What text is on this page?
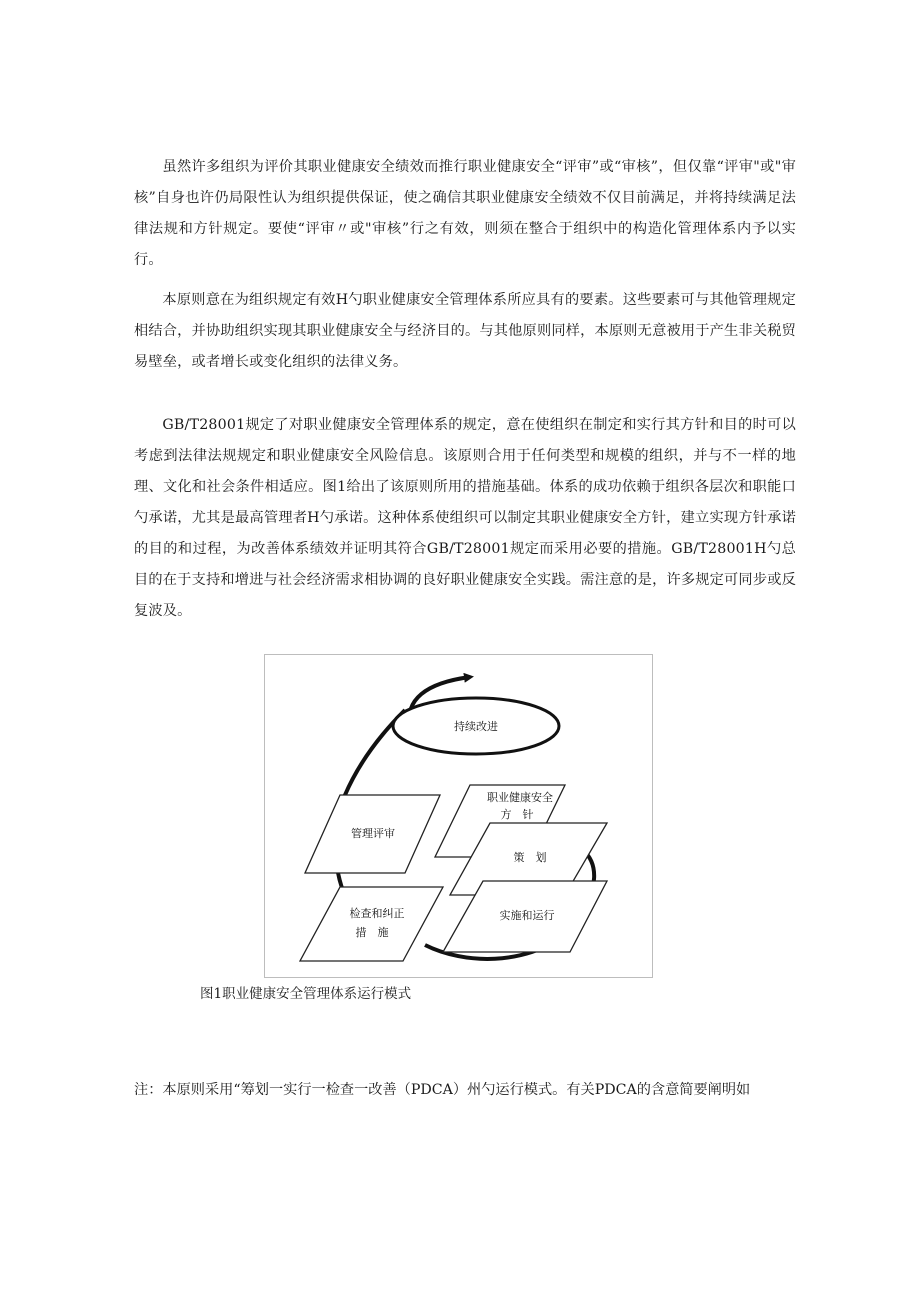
虽然许多组织为评价其职业健康安全绩效而推行职业健康安全“评审”或“审核”，但仅靠“评审"或"审核”自身也许仍局限性认为组织提供保证，使之确信其职业健康安全绩效不仅目前满足，并将持续满足法律法规和方针规定。要使“评审〃或"审核”行之有效，则须在整合于组织中的构造化管理体系内予以实行。

本原则意在为组织规定有效H勺职业健康安全管理体系所应具有的要素。这些要素可与其他管理规定相结合，并协助组织实现其职业健康安全与经济目的。与其他原则同样，本原则无意被用于产生非关税贸易壁垒，或者增长或变化组织的法律义务。

GB/T28001规定了对职业健康安全管理体系的规定，意在使组织在制定和实行其方针和目的时可以考虑到法律法规规定和职业健康安全风险信息。该原则合用于任何类型和规模的组织，并与不一样的地理、文化和社会条件相适应。图1给出了该原则所用的措施基础。体系的成功依赖于组织各层次和职能口勺承诺，尤其是最高管理者H勺承诺。这种体系使组织可以制定其职业健康安全方针，建立实现方针承诺的目的和过程，为改善体系绩效并证明其符合GB/T28001规定而采用必要的措施。GB/T28001H勺总目的在于支持和增进与社会经济需求相协调的良好职业健康安全实践。需注意的是，许多规定可同步或反复波及。

持续改进
职业健康安全
方　针
管理评审
策　划
检查和纠正
措　施
实施和运行

图1职业健康安全管理体系运行模式

注：本原则采用“筹划一实行一检查一改善（PDCA）州勺运行模式。有关PDCA的含意简要阐明如
